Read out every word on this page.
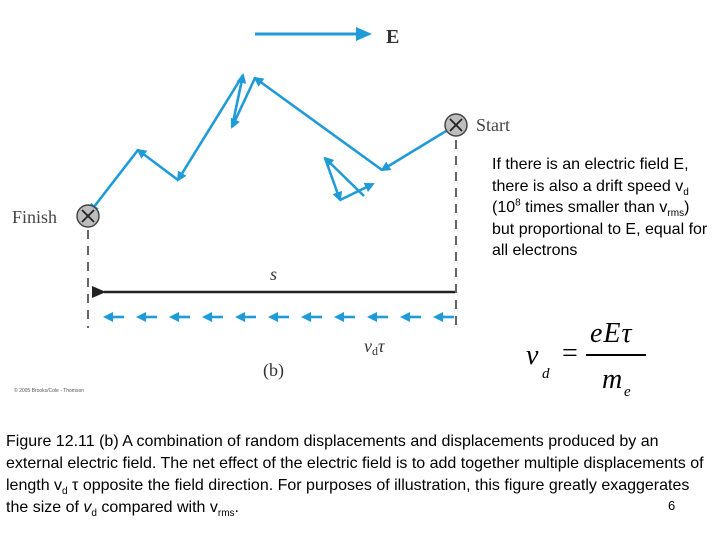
E
Start
Finish
s
vdτ
(b)
© 2005 Brooks/Cole - Thomson
If there is an electric field E, there is also a drift speed $v_d$ ($10^8$ times smaller than $v_{rms}$) but proportional to E, equal for all electrons
v
d
=
eEτ
m e
Figure 12.11 (b) A combination of random displacements and displacements produced by an external electric field. The net effect of the electric field is to add together multiple displacements of length $v_d$ τ opposite the field direction. For purposes of illustration, this figure greatly exaggerates the size of $v_d$ compared with $v_{rms}$.	6
